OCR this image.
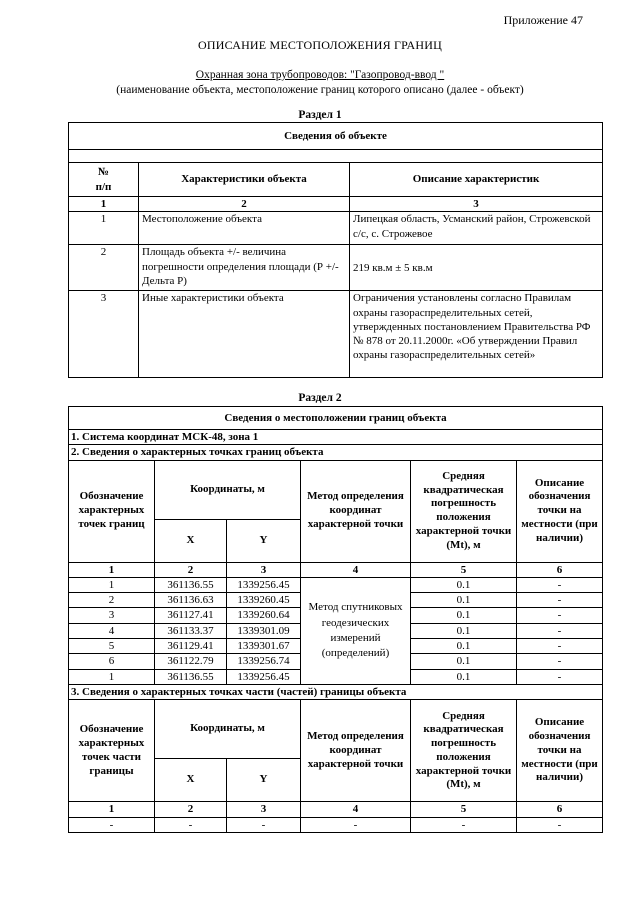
Приложение 47
ОПИСАНИЕ МЕСТОПОЛОЖЕНИЯ ГРАНИЦ
Охранная зона трубопроводов: "Газопровод-ввод "
(наименование объекта, местоположение границ которого описано (далее - объект)
Раздел 1
Сведения об объекте		

№
п/п	Характеристики объекта	Описание характеристик
1	2	3
1	Местоположение объекта	Липецкая область, Усманский район, Строжевской с/с, с. Строжевое
2	Площадь объекта +/- величина погрешности определения площади (Р +/- Дельта Р)	219 кв.м ± 5 кв.м
3	Иные характеристики объекта	Ограничения установлены согласно Правилам охраны газораспределительных сетей, утвержденных постановлением Правительства РФ № 878 от 20.11.2000г. «Об утверждении Правил охраны газораспределительных сетей»
Раздел 2
Сведения о местоположении границ объекта					
1. Система координат МСК-48, зона 1					
2. Сведения о характерных точках границ объекта					
Обозначение характерных точек границ	Координаты, м		Метод определения координат характерной точки	Средняя квадратическая погрешность положения характерной точки (Mt), м	Описание обозначения точки на местности (при наличии)
	X	Y			
1	2	3	4	5	6
1	361136.55	1339256.45	Метод спутниковых геодезических измерений (определений)	0.1	-
2	361136.63	1339260.45		0.1	-
3	361127.41	1339260.64		0.1	-
4	361133.37	1339301.09		0.1	-
5	361129.41	1339301.67		0.1	-
6	361122.79	1339256.74		0.1	-
1	361136.55	1339256.45		0.1	-
3. Сведения о характерных точках части (частей) границы объекта					
Обозначение характерных точек части границы	Координаты, м		Метод определения координат характерной точки	Средняя квадратическая погрешность положения характерной точки (Mt), м	Описание обозначения точки на местности (при наличии)
	X	Y			
1	2	3	4	5	6
-	-	-	-	-	-
